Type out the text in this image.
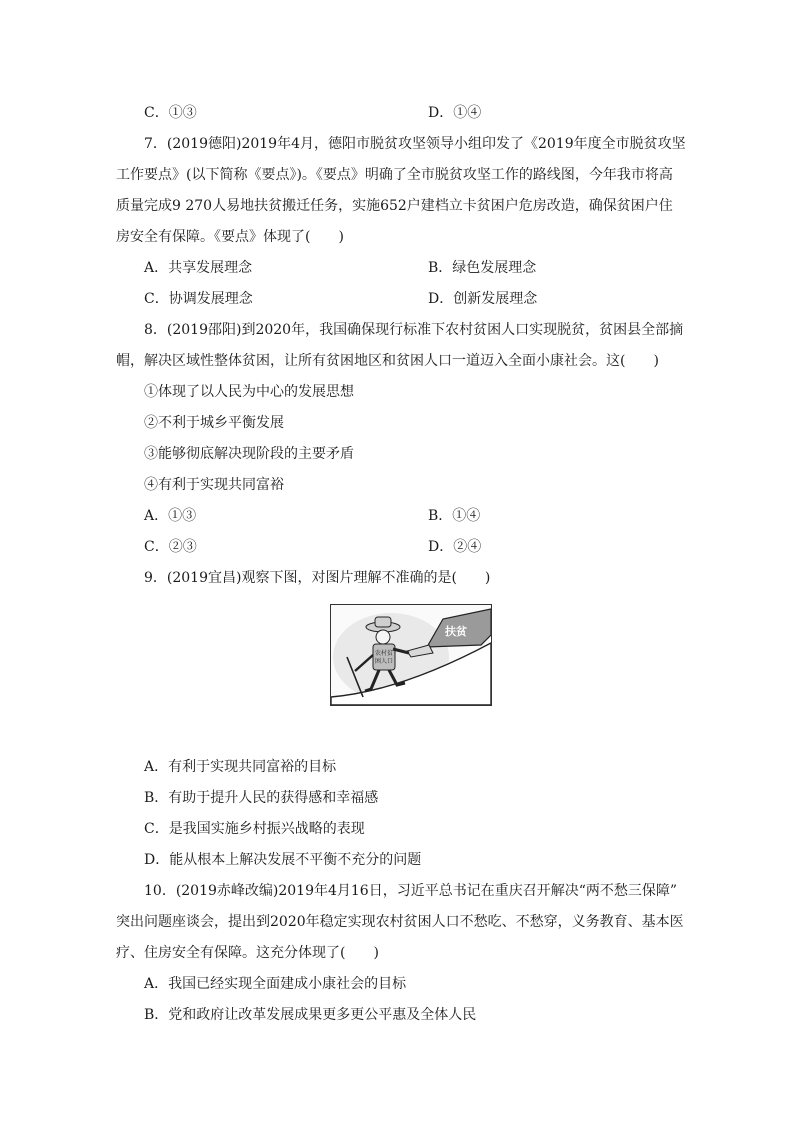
C．①③	D．①④
7．(2019德阳)2019年4月，德阳市脱贫攻坚领导小组印发了《2019年度全市脱贫攻坚
工作要点》(以下简称《要点》)。《要点》明确了全市脱贫攻坚工作的路线图，今年我市将高
质量完成9 270人易地扶贫搬迁任务，实施652户建档立卡贫困户危房改造，确保贫困户住
房安全有保障。《要点》体现了(　　)
A．共享发展理念	B．绿色发展理念
C．协调发展理念	D．创新发展理念
8．(2019邵阳)到2020年，我国确保现行标准下农村贫困人口实现脱贫，贫困县全部摘
帽，解决区域性整体贫困，让所有贫困地区和贫困人口一道迈入全面小康社会。这(　　)
①体现了以人民为中心的发展思想
②不利于城乡平衡发展
③能够彻底解决现阶段的主要矛盾
④有利于实现共同富裕
A．①③	B．①④
C．②③	D．②④
9．(2019宜昌)观察下图，对图片理解不准确的是(　　)
扶贫
农村贫
困人口
A．有利于实现共同富裕的目标
B．有助于提升人民的获得感和幸福感
C．是我国实施乡村振兴战略的表现
D．能从根本上解决发展不平衡不充分的问题
10．(2019赤峰改编)2019年4月16日，习近平总书记在重庆召开解决“两不愁三保障”
突出问题座谈会，提出到2020年稳定实现农村贫困人口不愁吃、不愁穿，义务教育、基本医
疗、住房安全有保障。这充分体现了(　　)
A．我国已经实现全面建成小康社会的目标
B．党和政府让改革发展成果更多更公平惠及全体人民
